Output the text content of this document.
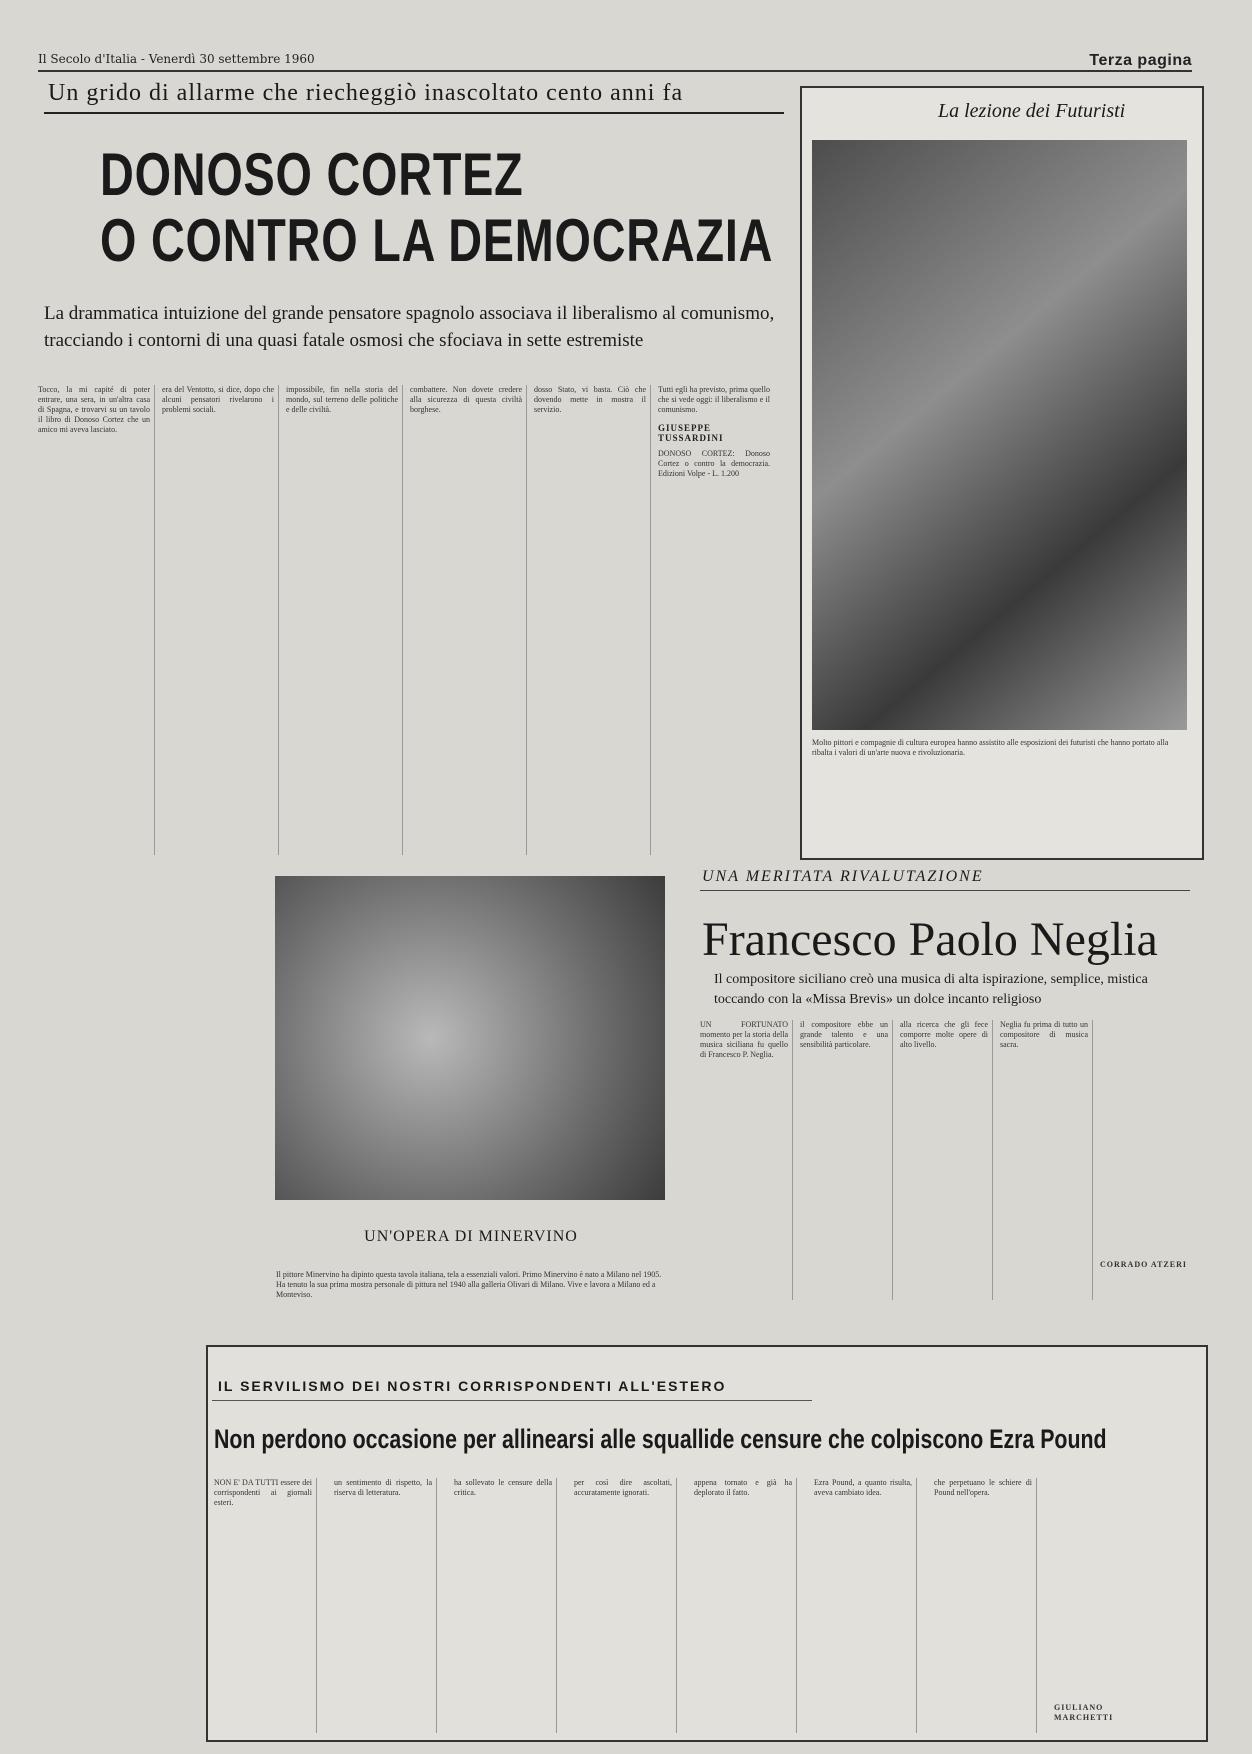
Il Secolo d'Italia - Venerdì 30 settembre 1960	Terza pagina
Un grido di allarme che riecheggiò inascoltato cento anni fa
DONOSO CORTEZ
O CONTRO LA DEMOCRAZIA
La drammatica intuizione del grande pensatore spagnolo associava il liberalismo al comunismo, tracciando i contorni di una quasi fatale osmosi che sfociava in sette estremiste
Tocco, la mi capité di poter entrare, una sera, in un'altra casa di Spagna, e trovarvi su un tavolo il libro di Donoso Cortez che un amico mi aveva lasciato.
era del Ventotto, si dice, dopo che alcuni pensatori rivelarono i problemi sociali.
impossibile, fin nella storia del mondo, sul terreno delle politiche e delle civiltà.
combattere. Non dovete credere alla sicurezza di questa civiltà borghese.
dosso Stato, vi basta. Ciò che dovendo mette in mostra il servizio.
Tutti egli ha previsto, prima quello che si vede oggi: il liberalismo e il comunismo.
GIUSEPPE TUSSARDINI
DONOSO CORTEZ: Donoso Cortez o contro la democrazia. Edizioni Volpe - L. 1.200
La lezione dei Futuristi
Molto pittori e compagnie di cultura europea hanno assistito alle esposizioni dei futuristi che hanno portato alla ribalta i valori di un'arte nuova e rivoluzionaria.
UN'OPERA DI MINERVINO
Il pittore Minervino ha dipinto questa tavola italiana, tela a essenziali valori. Primo Minervino è nato a Milano nel 1905. Ha tenuto la sua prima mostra personale di pittura nel 1940 alla galleria Olivari di Milano. Vive e lavora a Milano ed a Monteviso.
UNA MERITATA RIVALUTAZIONE
Francesco Paolo Neglia
Il compositore siciliano creò una musica di alta ispirazione, semplice, mistica toccando con la «Missa Brevis» un dolce incanto religioso
UN FORTUNATO momento per la storia della musica siciliana fu quello di Francesco P. Neglia.
il compositore ebbe un grande talento e una sensibilità particolare.
alla ricerca che gli fece comporre molte opere di alto livello.
Neglia fu prima di tutto un compositore di musica sacra.
CORRADO ATZERI
IL SERVILISMO DEI NOSTRI CORRISPONDENTI ALL'ESTERO
Non perdono occasione per allinearsi alle squallide censure che colpiscono Ezra Pound
NON E' DA TUTTI essere dei corrispondenti ai giornali esteri.
un sentimento di rispetto, la riserva di letteratura.
ha sollevato le censure della critica.
per così dire ascoltati, accuratamente ignorati.
appena tornato e già ha deplorato il fatto.
Ezra Pound, a quanto risulta, aveva cambiato idea.
che perpetuano le schiere di Pound nell'opera.
GIULIANO MARCHETTI
